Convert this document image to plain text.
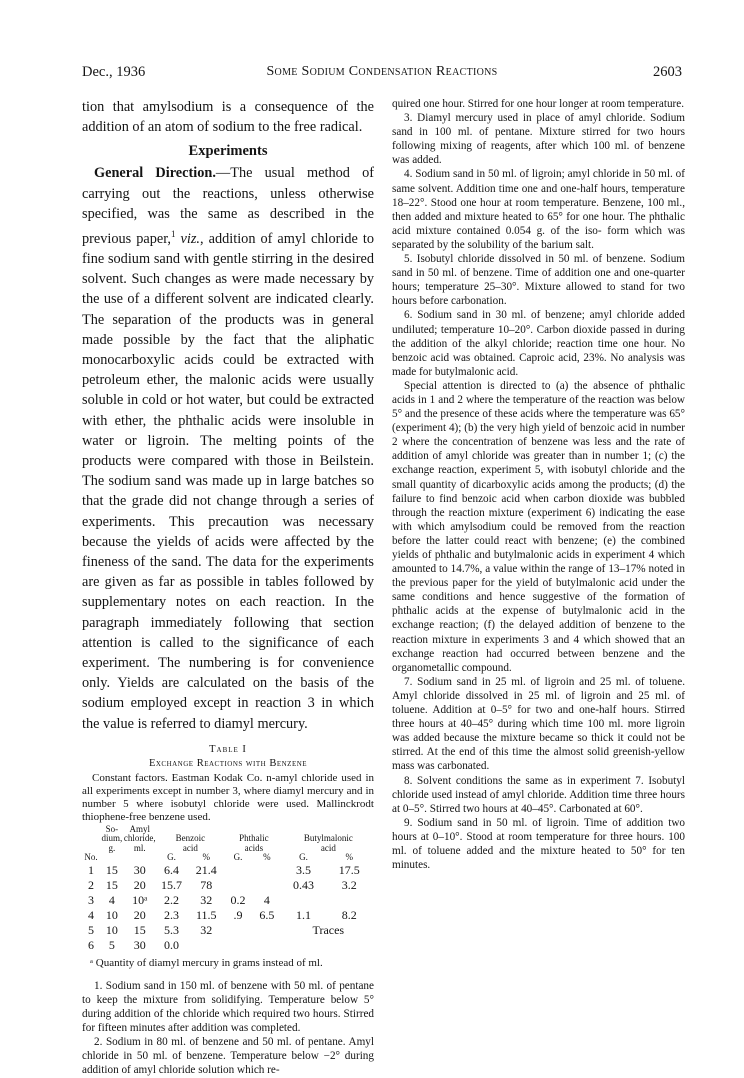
Dec., 1936	Some Sodium Condensation Reactions	2603

tion that amylsodium is a consequence of the addition of an atom of sodium to the free radical.

Experiments

General Direction.—The usual method of carrying out the reactions, unless otherwise specified, was the same as described in the previous paper,$^1$ viz., addition of amyl chloride to fine sodium sand with gentle stirring in the desired solvent. Such changes as were made necessary by the use of a different solvent are indicated clearly. The separation of the products was in general made possible by the fact that the aliphatic monocarboxylic acids could be extracted with petroleum ether, the malonic acids were usually soluble in cold or hot water, but could be extracted with ether, the phthalic acids were insoluble in water or ligroin. The melting points of the products were compared with those in Beilstein. The sodium sand was made up in large batches so that the grade did not change through a series of experiments. This precaution was necessary because the yields of acids were affected by the fineness of the sand. The data for the experiments are given as far as possible in tables followed by supplementary notes on each reaction. In the paragraph immediately following that section attention is called to the significance of each experiment. The numbering is for convenience only. Yields are calculated on the basis of the sodium employed except in reaction 3 in which the value is referred to diamyl mercury.

Table I
Exchange Reactions with Benzene

Constant factors. Eastman Kodak Co. n-amyl chloride used in all experiments except in number 3, where diamyl mercury and in number 5 where isobutyl chloride were used. Mallinckrodt thiophene-free benzene used.

	So-
dium,
g.	Amyl
chloride,
ml.	Benzoic
acid		Phthalic
acids		Butylmalonic
acid	
No.			G.	%	G.	%	G.	%
1	15	30	6.4	21.4			3.5	17.5
2	15	20	15.7	78			0.43	3.2
3	4	10ᵃ	2.2	32	0.2	4		
4	10	20	2.3	11.5	.9	6.5	1.1	8.2
5	10	15	5.3	32			Traces	
6	5	30	0.0					

ᵃ Quantity of diamyl mercury in grams instead of ml.

1. Sodium sand in 150 ml. of benzene with 50 ml. of pentane to keep the mixture from solidifying. Temperature below 5° during addition of the chloride which required two hours. Stirred for fifteen minutes after addition was completed.

2. Sodium in 80 ml. of benzene and 50 ml. of pentane. Amyl chloride in 50 ml. of benzene. Temperature below −2° during addition of amyl chloride solution which re-

quired one hour. Stirred for one hour longer at room temperature.

3. Diamyl mercury used in place of amyl chloride. Sodium sand in 100 ml. of pentane. Mixture stirred for two hours following mixing of reagents, after which 100 ml. of benzene was added.

4. Sodium sand in 50 ml. of ligroin; amyl chloride in 50 ml. of same solvent. Addition time one and one-half hours, temperature 18–22°. Stood one hour at room temperature. Benzene, 100 ml., then added and mixture heated to 65° for one hour. The phthalic acid mixture contained 0.054 g. of the iso- form which was separated by the solubility of the barium salt.

5. Isobutyl chloride dissolved in 50 ml. of benzene. Sodium sand in 50 ml. of benzene. Time of addition one and one-quarter hours; temperature 25–30°. Mixture allowed to stand for two hours before carbonation.

6. Sodium sand in 30 ml. of benzene; amyl chloride added undiluted; temperature 10–20°. Carbon dioxide passed in during the addition of the alkyl chloride; reaction time one hour. No benzoic acid was obtained. Caproic acid, 23%. No analysis was made for butylmalonic acid.

Special attention is directed to (a) the absence of phthalic acids in 1 and 2 where the temperature of the reaction was below 5° and the presence of these acids where the temperature was 65° (experiment 4); (b) the very high yield of benzoic acid in number 2 where the concentration of benzene was less and the rate of addition of amyl chloride was greater than in number 1; (c) the exchange reaction, experiment 5, with isobutyl chloride and the small quantity of dicarboxylic acids among the products; (d) the failure to find benzoic acid when carbon dioxide was bubbled through the reaction mixture (experiment 6) indicating the ease with which amylsodium could be removed from the reaction before the latter could react with benzene; (e) the combined yields of phthalic and butylmalonic acids in experiment 4 which amounted to 14.7%, a value within the range of 13–17% noted in the previous paper for the yield of butylmalonic acid under the same conditions and hence suggestive of the formation of phthalic acids at the expense of butylmalonic acid in the exchange reaction; (f) the delayed addition of benzene to the reaction mixture in experiments 3 and 4 which showed that an exchange reaction had occurred between benzene and the organometallic compound.

7. Sodium sand in 25 ml. of ligroin and 25 ml. of toluene. Amyl chloride dissolved in 25 ml. of ligroin and 25 ml. of toluene. Addition at 0–5° for two and one-half hours. Stirred three hours at 40–45° during which time 100 ml. more ligroin was added because the mixture became so thick it could not be stirred. At the end of this time the almost solid greenish-yellow mass was carbonated.

8. Solvent conditions the same as in experiment 7. Isobutyl chloride used instead of amyl chloride. Addition time three hours at 0–5°. Stirred two hours at 40–45°. Carbonated at 60°.

9. Sodium sand in 50 ml. of ligroin. Time of addition two hours at 0–10°. Stood at room temperature for three hours. 100 ml. of toluene added and the mixture heated to 50° for ten minutes.
